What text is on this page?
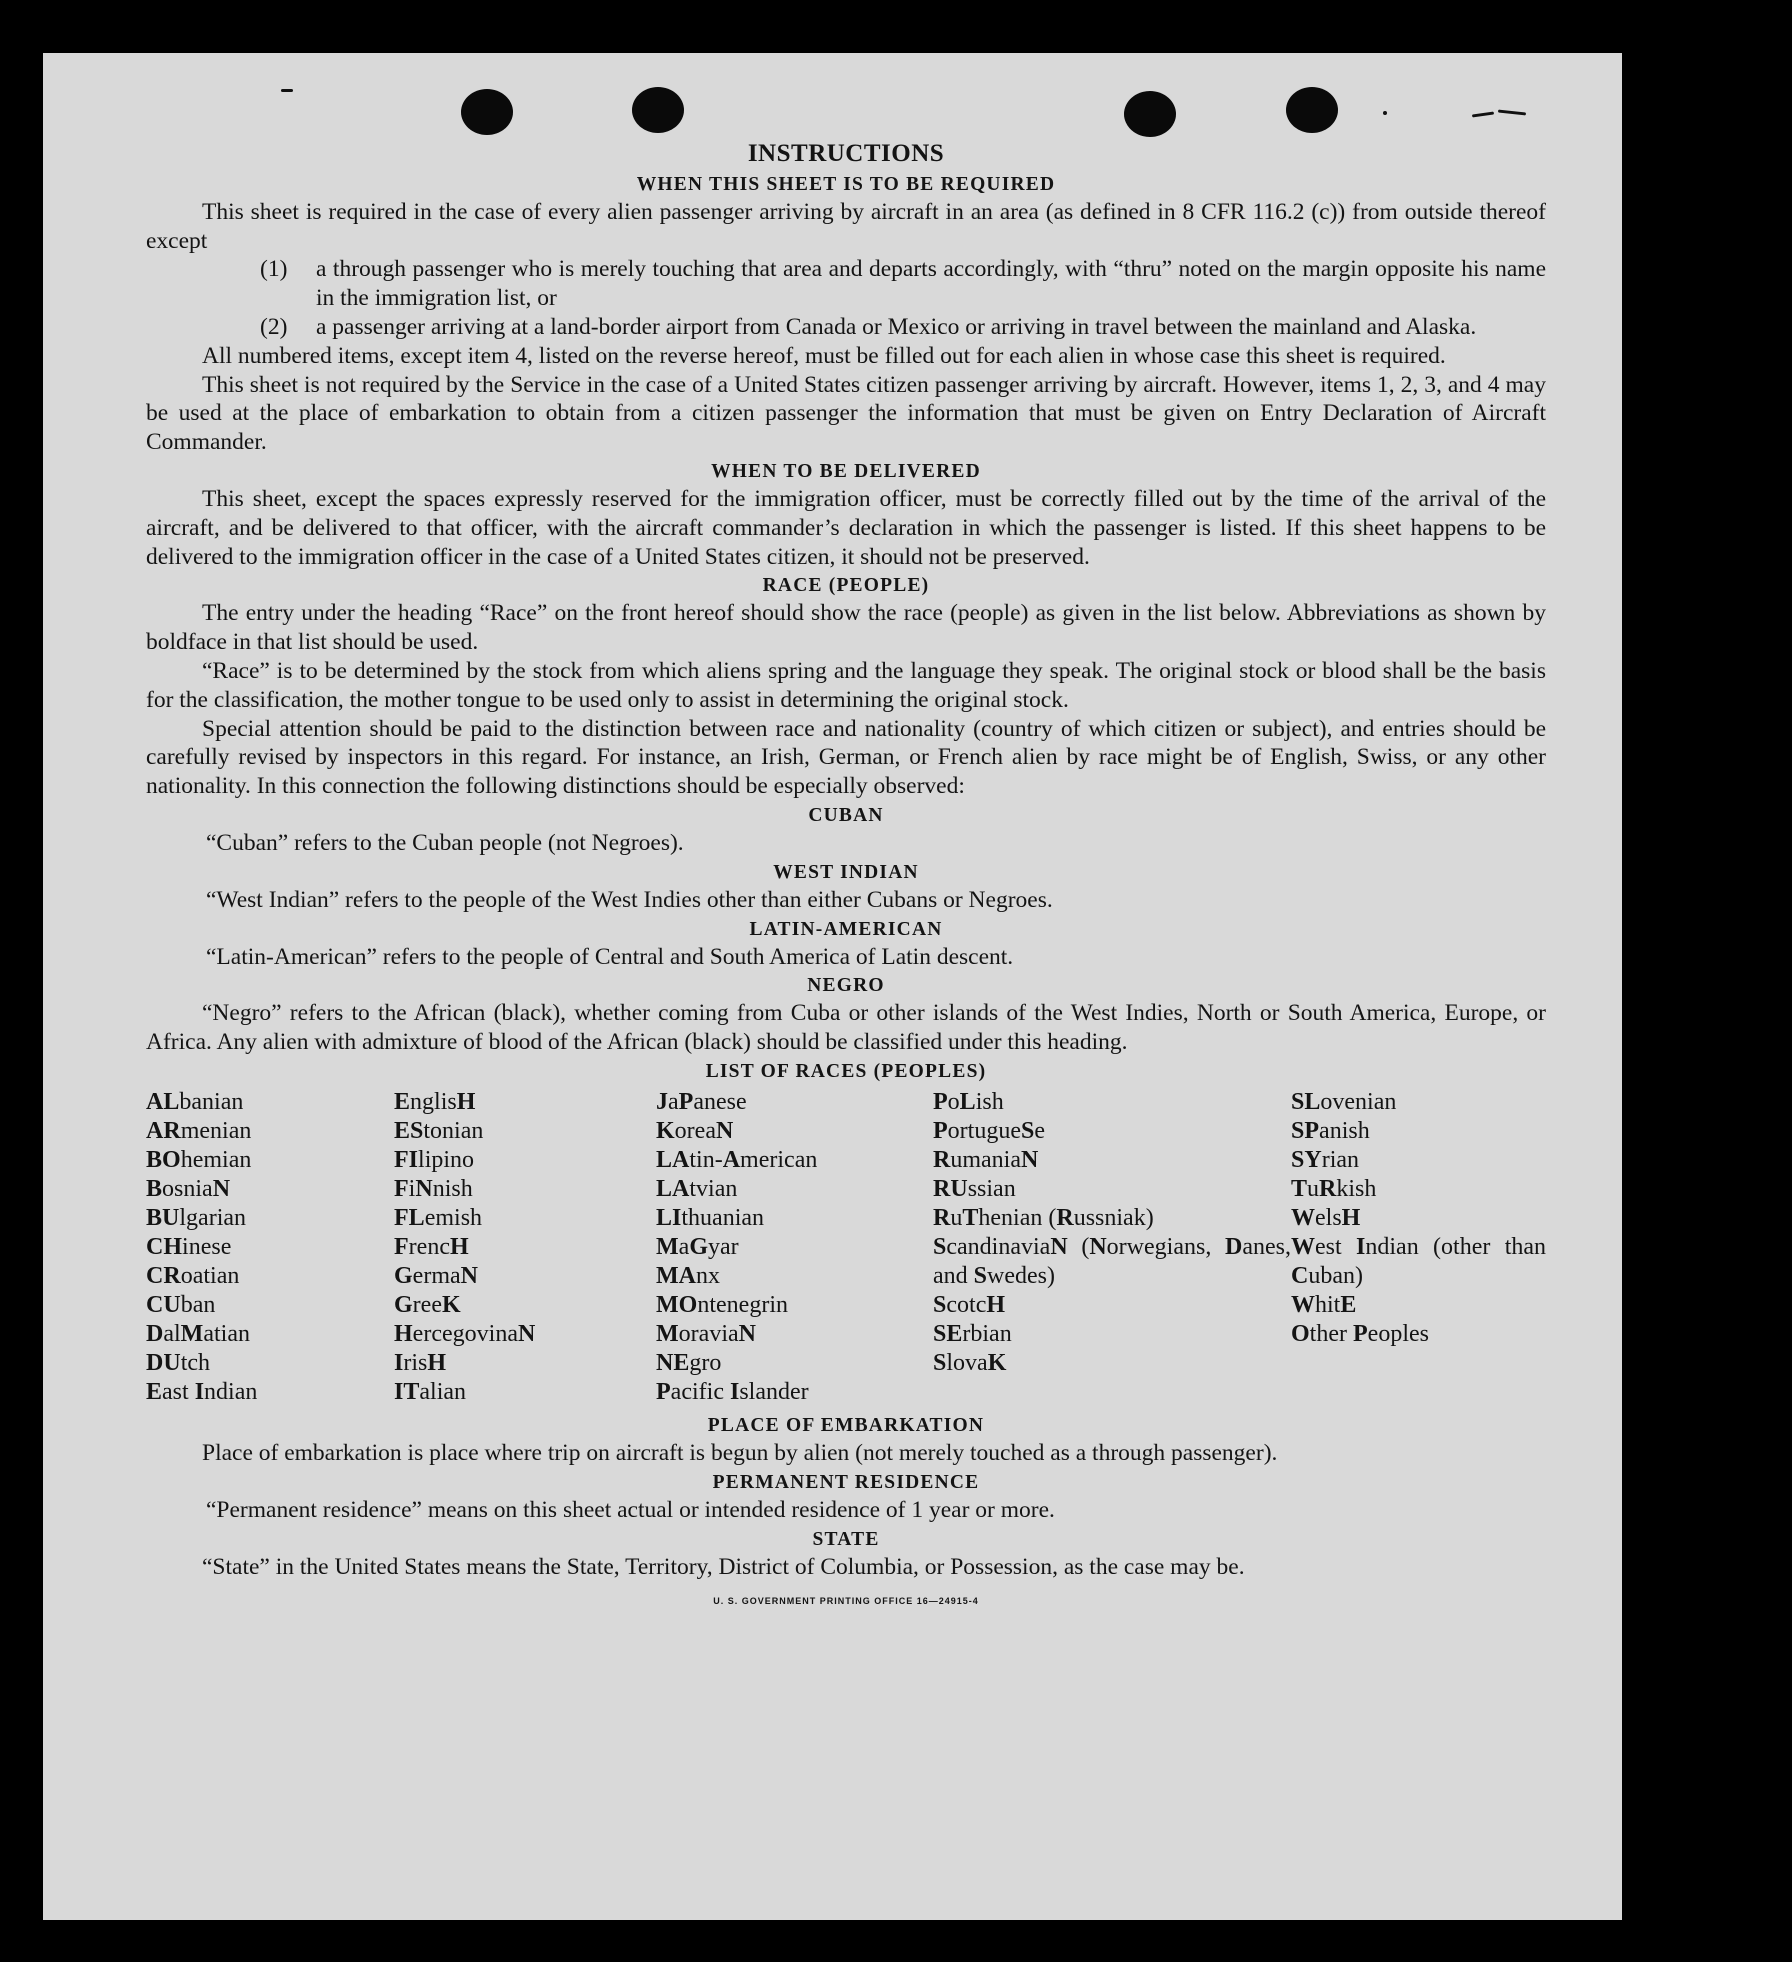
INSTRUCTIONS
WHEN THIS SHEET IS TO BE REQUIRED

This sheet is required in the case of every alien passenger arriving by aircraft in an area (as defined in 8 CFR 116.2 (c)) from outside thereof except

(1)	a through passenger who is merely touching that area and departs accordingly, with “thru” noted on the margin opposite his name in the immigration list, or
(2)	a passenger arriving at a land-border airport from Canada or Mexico or arriving in travel between the mainland and Alaska.

All numbered items, except item 4, listed on the reverse hereof, must be filled out for each alien in whose case this sheet is required.

This sheet is not required by the Service in the case of a United States citizen passenger arriving by aircraft. However, items 1, 2, 3, and 4 may be used at the place of embarkation to obtain from a citizen passenger the information that must be given on Entry Declaration of Aircraft Commander.

WHEN TO BE DELIVERED

This sheet, except the spaces expressly reserved for the immigration officer, must be correctly filled out by the time of the arrival of the aircraft, and be delivered to that officer, with the aircraft commander’s declaration in which the passenger is listed. If this sheet happens to be delivered to the immigration officer in the case of a United States citizen, it should not be preserved.

RACE (PEOPLE)

The entry under the heading “Race” on the front hereof should show the race (people) as given in the list below. Abbreviations as shown by boldface in that list should be used.

“Race” is to be determined by the stock from which aliens spring and the language they speak. The original stock or blood shall be the basis for the classification, the mother tongue to be used only to assist in determining the original stock.

Special attention should be paid to the distinction between race and nationality (country of which citizen or subject), and entries should be carefully revised by inspectors in this regard. For instance, an Irish, German, or French alien by race might be of English, Swiss, or any other nationality. In this connection the following distinctions should be especially observed:

CUBAN

“Cuban” refers to the Cuban people (not Negroes).

WEST INDIAN

“West Indian” refers to the people of the West Indies other than either Cubans or Negroes.

LATIN-AMERICAN

“Latin-American” refers to the people of Central and South America of Latin descent.

NEGRO

“Negro” refers to the African (black), whether coming from Cuba or other islands of the West Indies, North or South America, Europe, or Africa. Any alien with admixture of blood of the African (black) should be classified under this heading.

LIST OF RACES (PEOPLES)
ALbanian
ARmenian
BOhemian
BosniaN
BUlgarian
CHinese
CRoatian
CUban
DalMatian
DUtch
East Indian
EnglisH
EStonian
FIlipino
FiNnish
FLemish
FrencH
GermaN
GreeK
HercegovinaN
IrisH
ITalian
JaPanese
KoreaN
LAtin-American
LAtvian
LIthuanian
MaGyar
MAnx
MOntenegrin
MoraviaN
NEgro
Pacific Islander
PoLish
PortugueSe
RumaniaN
RUssian
RuThenian (Russniak)
ScandinaviaN (Norwegians, Danes, and Swedes)
ScotcH
SErbian
SlovaK
SLovenian
SPanish
SYrian
TuRkish
WelsH
West Indian (other than Cuban)
WhitE
Other Peoples
PLACE OF EMBARKATION

Place of embarkation is place where trip on aircraft is begun by alien (not merely touched as a through passenger).

PERMANENT RESIDENCE

“Permanent residence” means on this sheet actual or intended residence of 1 year or more.

STATE

“State” in the United States means the State, Territory, District of Columbia, or Possession, as the case may be.

U. S. GOVERNMENT PRINTING OFFICE 16—24915-4
